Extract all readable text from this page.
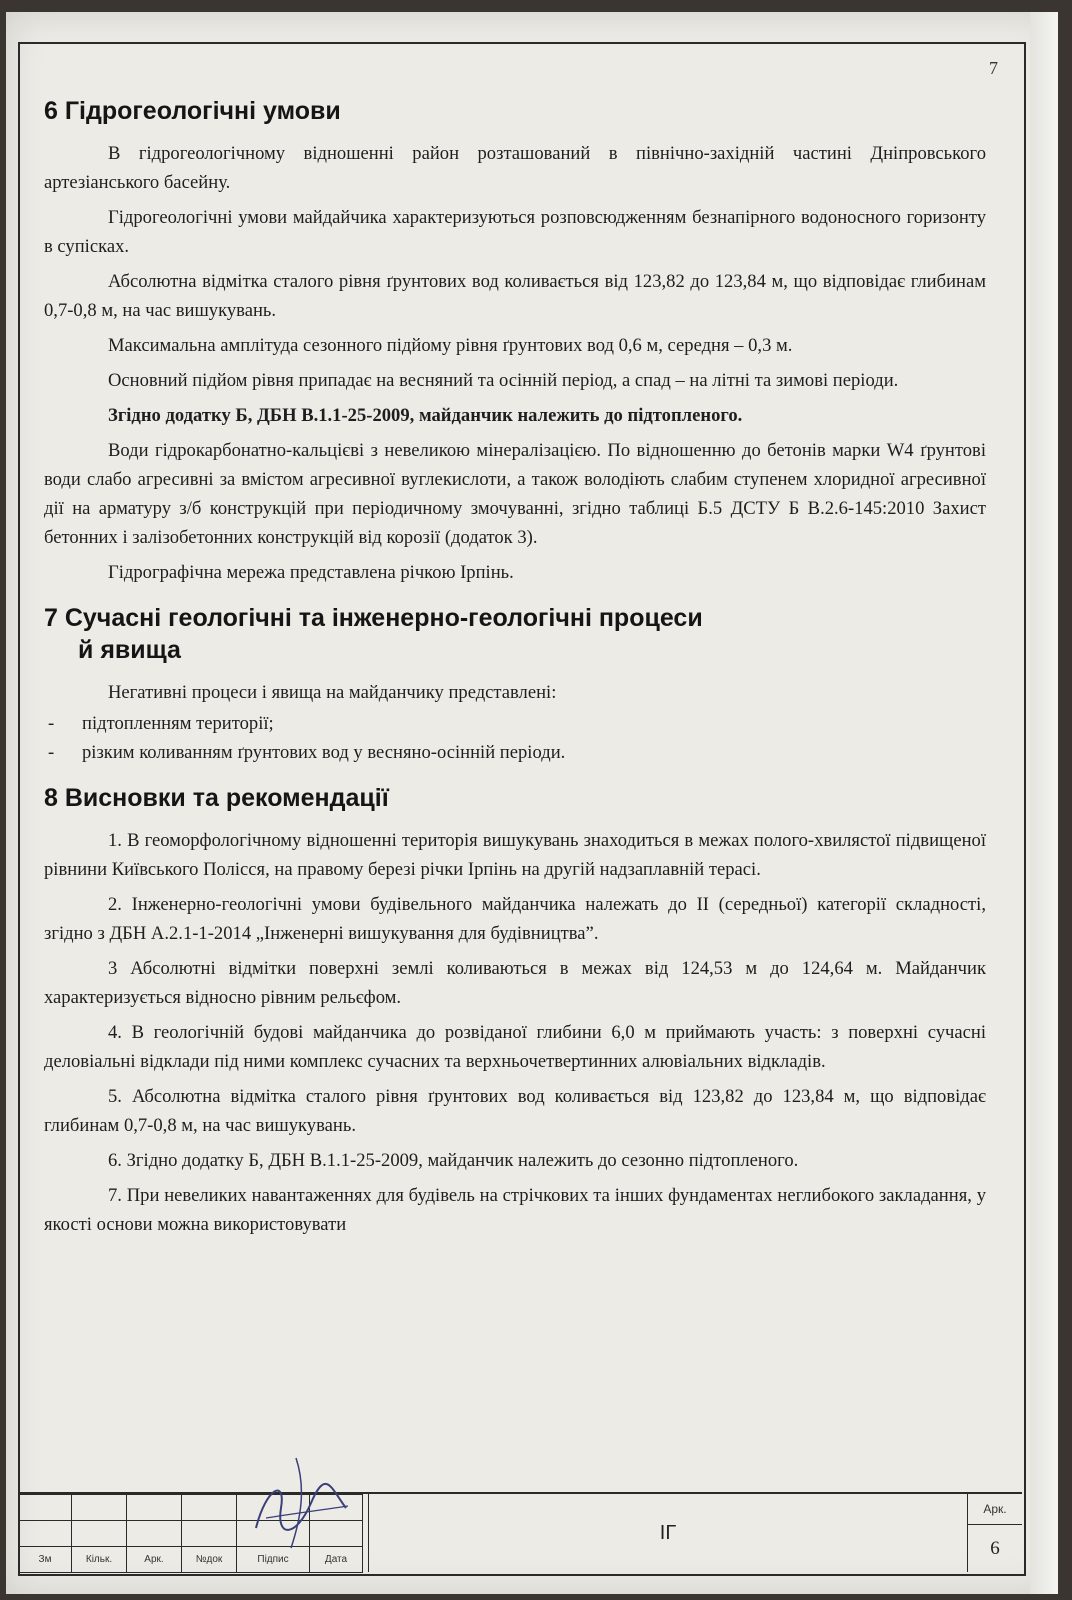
7
6 Гідрогеологічні умови

В гідрогеологічному відношенні район розташований в північно-західній частині Дніпровського артезіанського басейну.

Гідрогеологічні умови майдайчика характеризуються розповсюдженням безнапірного водоносного горизонту в супісках.

Абсолютна відмітка сталого рівня ґрунтових вод коливається від 123,82 до 123,84 м, що відповідає глибинам 0,7-0,8 м, на час вишукувань.

Максимальна амплітуда сезонного підйому рівня ґрунтових вод 0,6 м, середня – 0,3 м.

Основний підйом рівня припадає на весняний та осінній період, а спад – на літні та зимові періоди.

Згідно додатку Б, ДБН В.1.1-25-2009, майданчик належить до підтопленого.

Води гідрокарбонатно-кальцієві з невеликою мінералізацією. По відношенню до бетонів марки W4 ґрунтові води слабо агресивні за вмістом агресивної вуглекислоти, а також володіють слабим ступенем хлоридної агресивної дії на арматуру з/б конструкцій при періодичному змочуванні, згідно таблиці Б.5 ДСТУ Б В.2.6-145:2010 Захист бетонних і залізобетонних конструкцій від корозії (додаток 3).

Гідрографічна мережа представлена річкою Ірпінь.

7 Сучасні геологічні та інженерно-геологічні процеси
й явища

Негативні процеси і явища на майданчику представлені:

- підтопленням території;
- різким коливанням ґрунтових вод у весняно-осінній періоди.
8 Висновки та рекомендації

1. В геоморфологічному відношенні територія вишукувань знаходиться в межах полого-хвилястої підвищеної рівнини Київського Полісся, на правому березі річки Ірпінь на другій надзаплавній терасі.

2. Інженерно-геологічні умови будівельного майданчика належать до II (середньої) категорії складності, згідно з ДБН А.2.1-1-2014 „Інженерні вишукування для будівництва”.

3 Абсолютні відмітки поверхні землі коливаються в межах від 124,53 м до 124,64 м. Майданчик характеризується відносно рівним рельєфом.

4. В геологічній будові майданчика до розвіданої глибини 6,0 м приймають участь: з поверхні сучасні деловіальні відклади під ними комплекс сучасних та верхньочетвертинних алювіальних відкладів.

5. Абсолютна відмітка сталого рівня ґрунтових вод коливається від 123,82 до 123,84 м, що відповідає глибинам 0,7-0,8 м, на час вишукувань.

6. Згідно додатку Б, ДБН В.1.1-25-2009, майданчик належить до сезонно підтопленого.

7. При невеликих навантаженнях для будівель на стрічкових та інших фундаментах неглибокого закладання, у якості основи можна використовувати

Зм	Кільк.	Арк.	№док	Підпис	Дата
ІГ
Арк.
6
